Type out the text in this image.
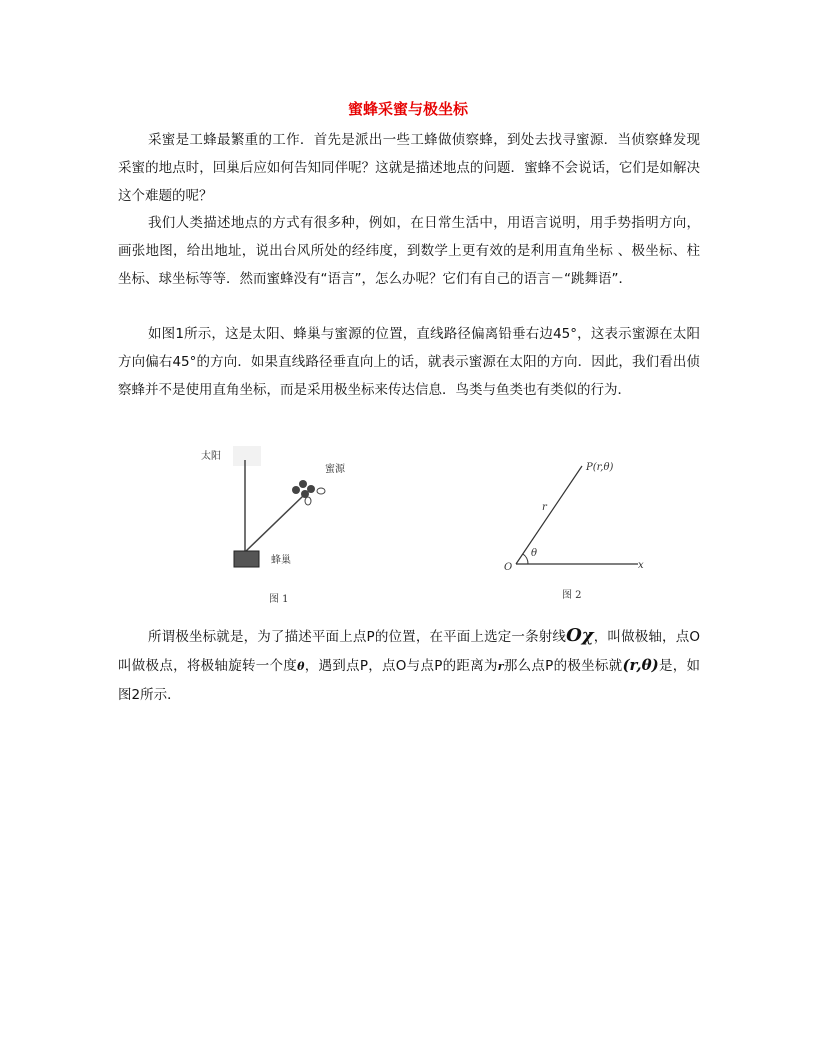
蜜蜂采蜜与极坐标

采蜜是工蜂最繁重的工作．首先是派出一些工蜂做侦察蜂，到处去找寻蜜源．当侦察蜂发现采蜜的地点时，回巢后应如何告知同伴呢？这就是描述地点的问题．蜜蜂不会说话，它们是如解决这个难题的呢？

我们人类描述地点的方式有很多种，例如，在日常生活中，用语言说明，用手势指明方向，画张地图，给出地址，说出台风所处的经纬度，到数学上更有效的是利用直角坐标 、极坐标、柱坐标、球坐标等等．然而蜜蜂没有“语言”，怎么办呢？它们有自己的语言－“跳舞语”．

如图1所示，这是太阳、蜂巢与蜜源的位置，直线路径偏离铅垂右边45°，这表示蜜源在太阳方向偏右45°的方向．如果直线路径垂直向上的话，就表示蜜源在太阳的方向．因此，我们看出侦察蜂并不是使用直角坐标，而是采用极坐标来传达信息．鸟类与鱼类也有类似的行为．

太阳
蜜源
蜂巢
图 1
P(r,θ)
r
θ
O	x
图 2

所谓极坐标就是，为了描述平面上点P的位置，在平面上选定一条射线Oχ，叫做极轴，点O叫做极点，将极轴旋转一个度θ，遇到点P，点O与点P的距离为r那么点P的极坐标就(r,θ)是，如图2所示．
